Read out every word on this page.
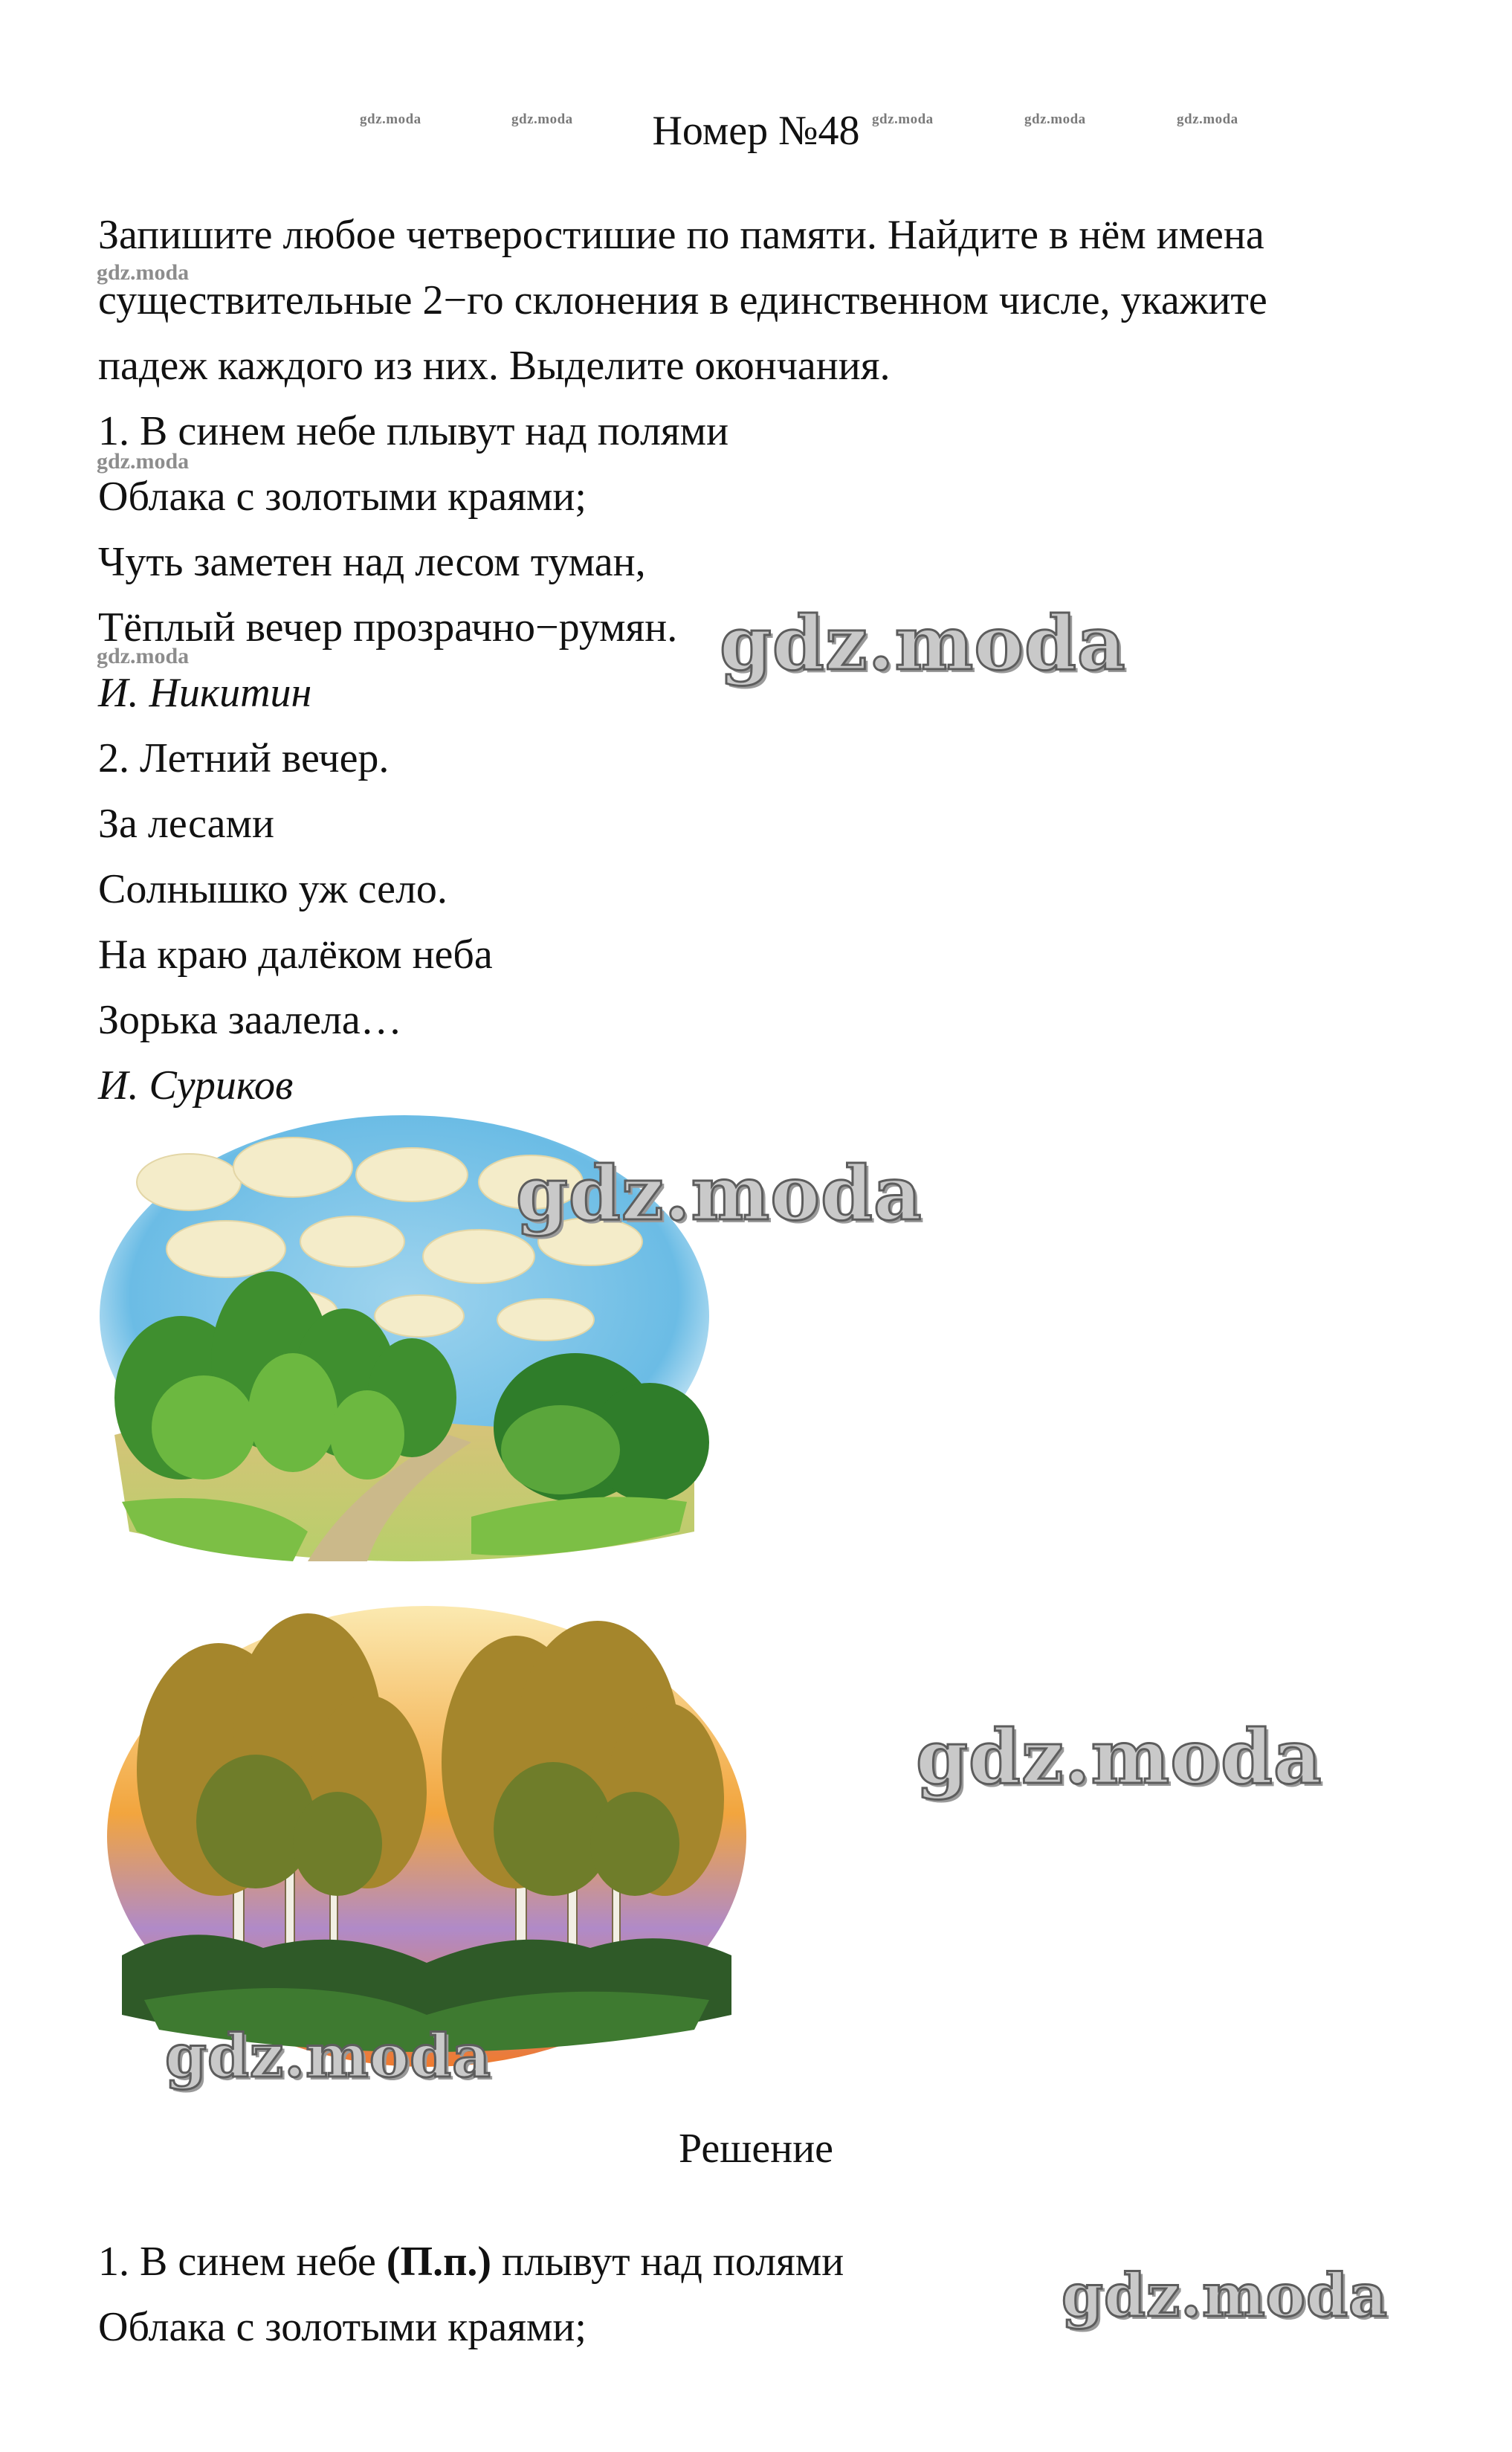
gdz.moda	gdz.moda	gdz.moda	gdz.moda	gdz.moda
Номер №48
Запишите любое четверостишие по памяти. Найдите в нём имена
существительные 2−го склонения в единственном числе, укажите
падеж каждого из них. Выделите окончания.
gdz.moda
1. В синем небе плывут над полями
Облака с золотыми краями;
Чуть заметен над лесом туман,
Тёплый вечер прозрачно−румян.
И. Никитин
gdz.moda
gdz.moda	gdz.moda
2. Летний вечер.
За лесами
Солнышко уж село.
На краю далёком неба
Зорька заалела…
И. Суриков
gdz.moda
gdz.moda
gdz.moda
Решение
1. В синем небе (П.п.) плывут над полями
Облака с золотыми краями;	gdz.moda
